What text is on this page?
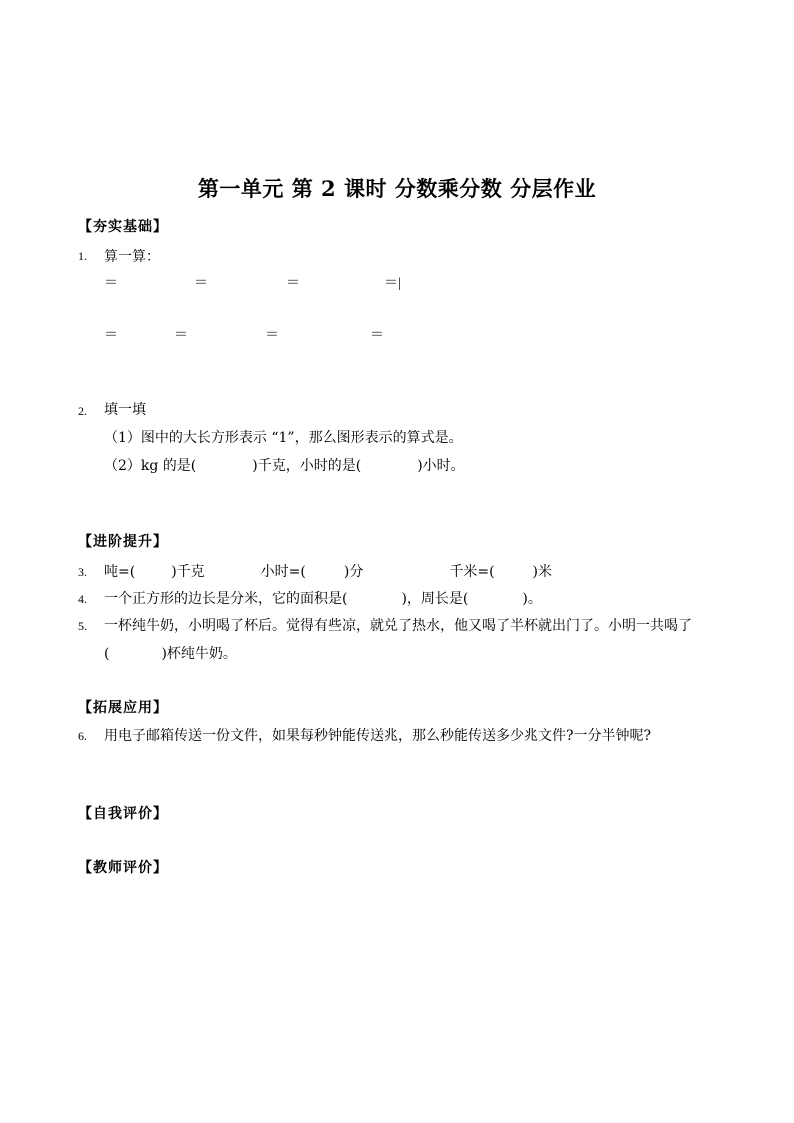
第一单元 第 2 课时 分数乘分数 分层作业
【夯实基础】
1. 算一算：
＝	＝	＝	＝|
＝	＝	＝	＝
2. 填一填
（1）图中的大长方形表示 “1”，那么图形表示的算式是。
（2）kg 的是(	)千克，小时的是(	)小时。
【进阶提升】
3. 吨=(	)千克	小时=(	)分	千米=(	)米
4. 一个正方形的边长是分米，它的面积是(	)，周长是(	)。
5. 一杯纯牛奶，小明喝了杯后。觉得有些凉，就兑了热水，他又喝了半杯就出门了。小明一共喝了
(	)杯纯牛奶。
【拓展应用】
6. 用电子邮箱传送一份文件，如果每秒钟能传送兆，那么秒能传送多少兆文件?一分半钟呢?
【自我评价】
【教师评价】
